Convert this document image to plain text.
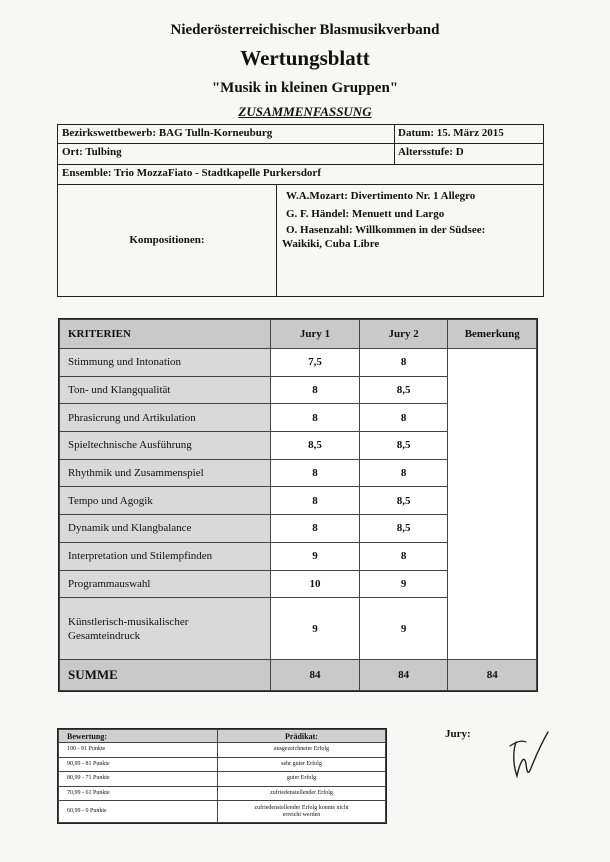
Niederösterreichischer Blasmusikverband
Wertungsblatt
"Musik in kleinen Gruppen"
ZUSAMMENFASSUNG
Bezirkswettbewerb: BAG Tulln-Korneuburg	Datum: 15. März 2015
Ort: Tulbing	Altersstufe: D
Ensemble: Trio MozzaFiato - Stadtkapelle Purkersdorf
Kompositionen:
W.A.Mozart: Divertimento Nr. 1 Allegro
G. F. Händel: Menuett und Largo
O. Hasenzahl: Willkommen in der Südsee:
Waikiki, Cuba Libre
KRITERIEN	Jury 1	Jury 2	Bemerkung
Stimmung und Intonation	7,5	8	
Ton- und Klangqualität	8	8,5	
Phrasicrung und Artikulation	8	8	
Spieltechnische Ausführung	8,5	8,5	
Rhythmik und Zusammenspiel	8	8	
Tempo und Agogik	8	8,5	
Dynamik und Klangbalance	8	8,5	
Interpretation und Stilempfinden	9	8	
Programmauswahl	10	9	

Künstlerisch-musikalischer Gesamteindruck	9	9	
SUMME	84	84	84
Bewertung:	Prädikat:
100 - 91 Punkte	ausgezeichneter Erfolg
90,99 - 81 Punkte	sehr guter Erfolg
80,99 - 71 Punkte	guter Erfolg
70,99 - 61 Punkte	zufriedenstellender Erfolg
60,99 - 0 Punkte	zufriedenstellender Erfolg konnte nicht erreicht werden
Jury:
